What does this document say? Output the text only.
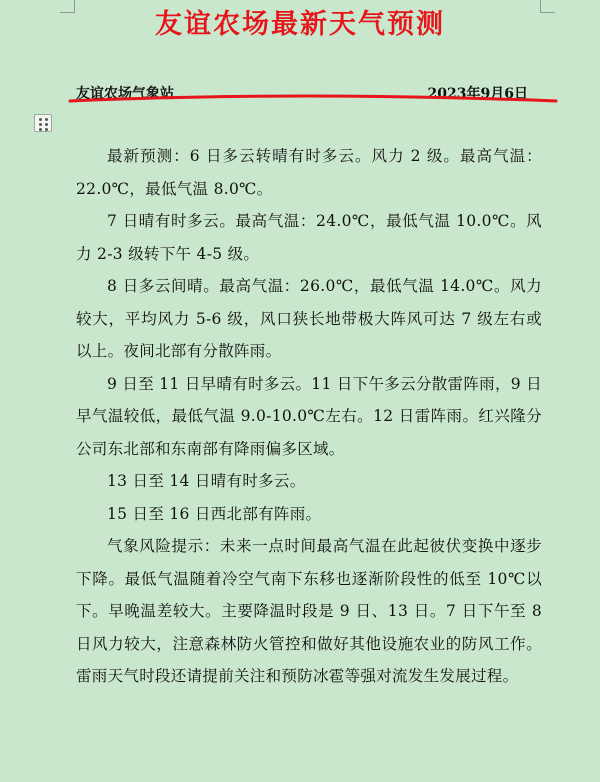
友谊农场最新天气预测
友谊农场气象站	2023年9月6日

最新预测：6 日多云转晴有时多云。风力 2 级。最高气温：22.0℃，最低气温 8.0℃。

7 日晴有时多云。最高气温：24.0℃，最低气温 10.0℃。风力 2-3 级转下午 4-5 级。

8 日多云间晴。最高气温：26.0℃，最低气温 14.0℃。风力较大，平均风力 5-6 级，风口狭长地带极大阵风可达 7 级左右或以上。夜间北部有分散阵雨。

9 日至 11 日早晴有时多云。11 日下午多云分散雷阵雨，9 日早气温较低，最低气温 9.0-10.0℃左右。12 日雷阵雨。红兴隆分公司东北部和东南部有降雨偏多区域。

13 日至 14 日晴有时多云。

15 日至 16 日西北部有阵雨。

气象风险提示：未来一点时间最高气温在此起彼伏变换中逐步下降。最低气温随着冷空气南下东移也逐渐阶段性的低至 10℃以下。早晚温差较大。主要降温时段是 9 日、13 日。7 日下午至 8 日风力较大，注意森林防火管控和做好其他设施农业的防风工作。雷雨天气时段还请提前关注和预防冰雹等强对流发生发展过程。
